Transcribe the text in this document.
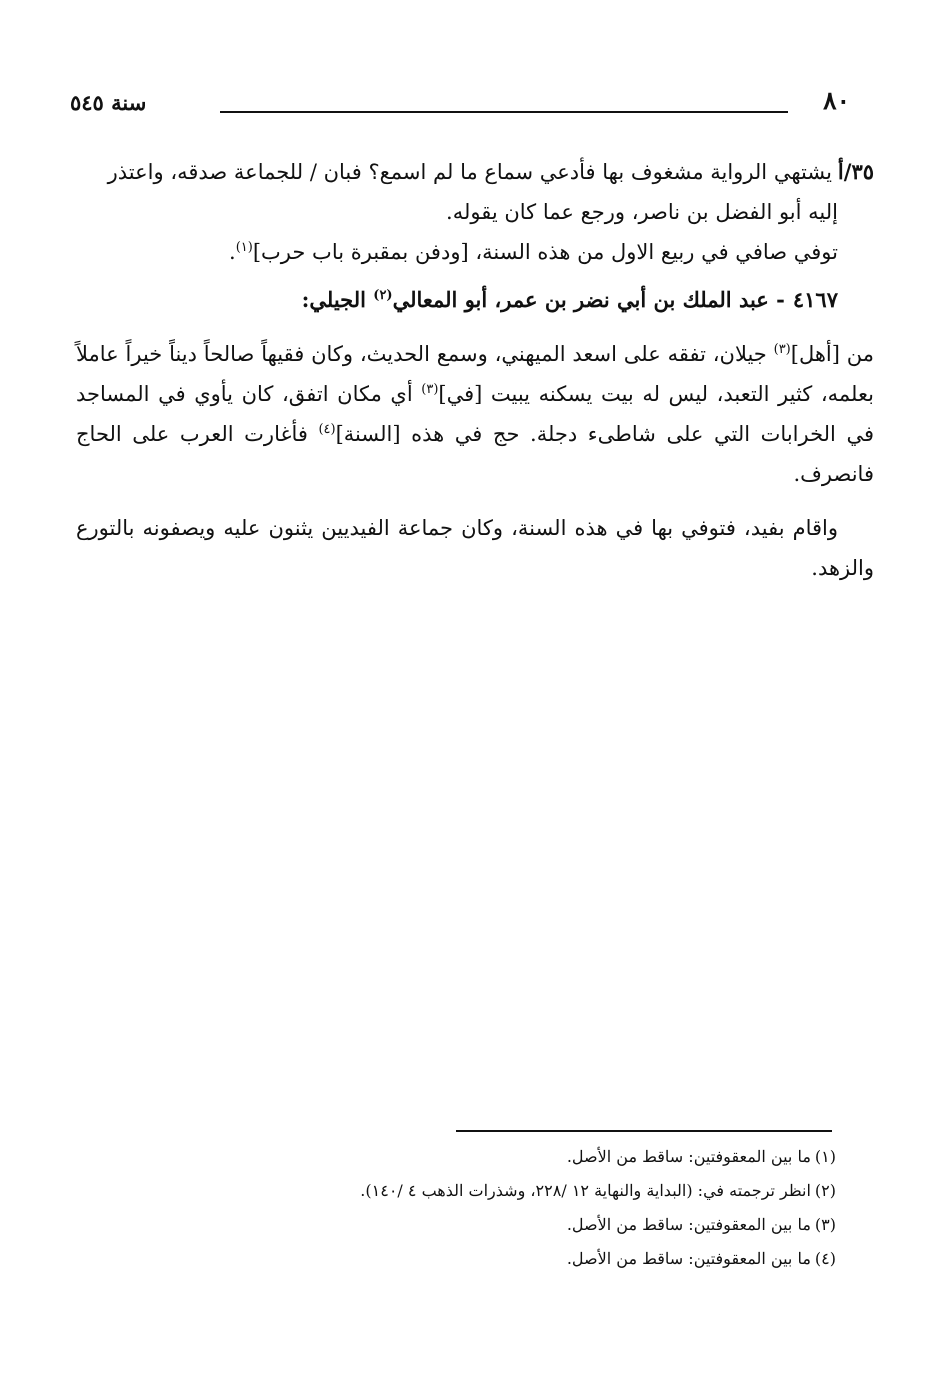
٨٠
سنة ٥٤٥

٣٥/أيشتهي الرواية مشغوف بها فأدعي سماع ما لم اسمع؟ فبان / للجماعة صدقه، واعتذر

إليه أبو الفضل بن ناصر، ورجع عما كان يقوله.

توفي صافي في ربيع الاول من هذه السنة، [ودفن بمقبرة باب حرب]$^{(١)}$.

٤١٦٧- عبد الملك بن أبي نضر بن عمر، أبو المعالي$^{(٢)}$ الجيلي:

من [أهل]$^{(٣)}$ جيلان، تفقه على اسعد الميهني، وسمع الحديث، وكان فقيهاً صالحاً ديناً خيراً عاملاً بعلمه، كثير التعبد، ليس له بيت يسكنه يبيت [في]$^{(٣)}$ أي مكان اتفق، كان يأوي في المساجد في الخرابات التي على شاطىء دجلة. حج في هذه [السنة]$^{(٤)}$ فأغارت العرب على الحاج فانصرف.

واقام بفيد، فتوفي بها في هذه السنة، وكان جماعة الفيديين يثنون عليه ويصفونه بالتورع والزهد.

(١)ما بين المعقوفتين: ساقط من الأصل.
(٢)انظر ترجمته في: (البداية والنهاية ١٢ /٢٢٨، وشذرات الذهب ٤ /١٤٠).
(٣)ما بين المعقوفتين: ساقط من الأصل.
(٤)ما بين المعقوفتين: ساقط من الأصل.
